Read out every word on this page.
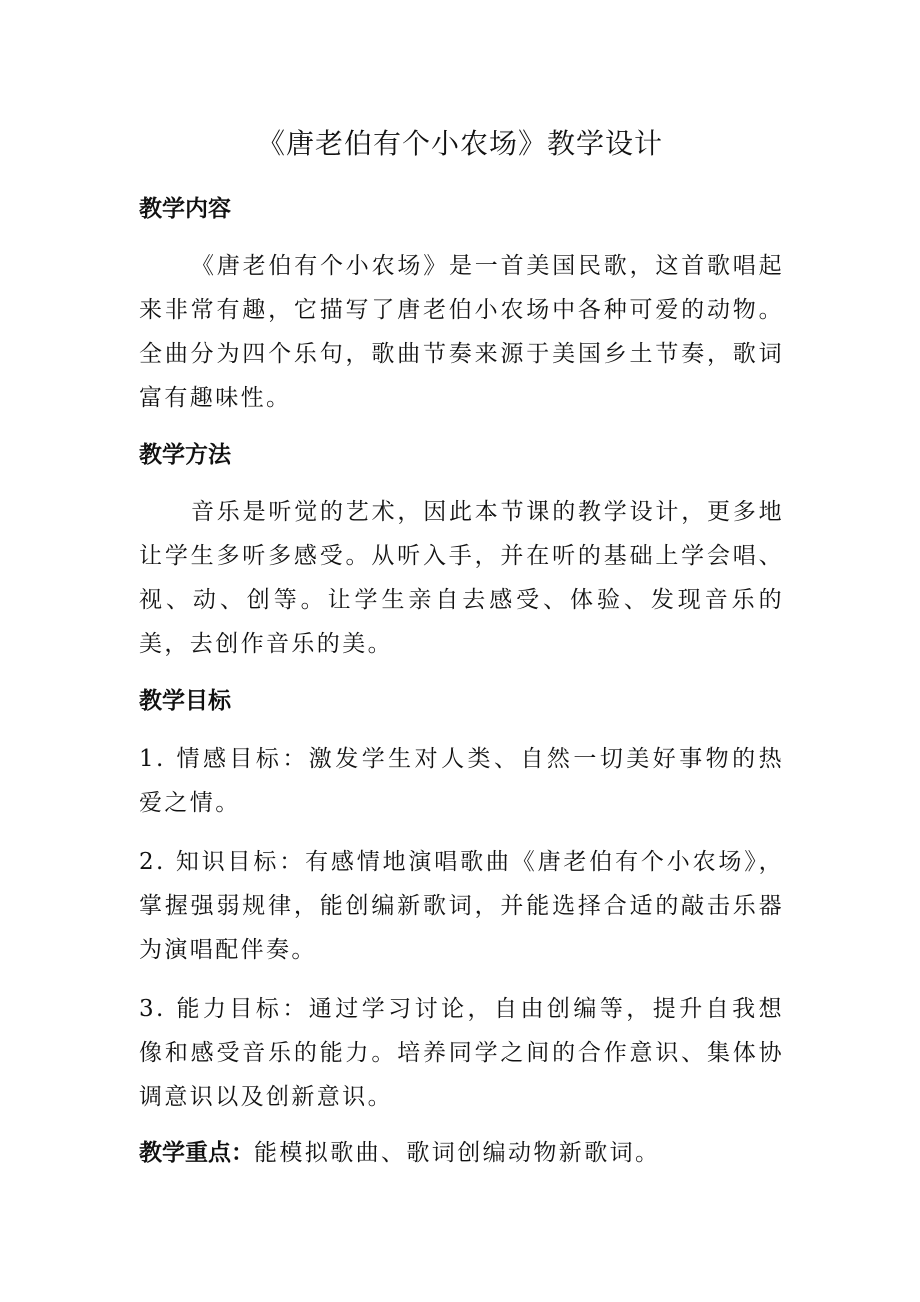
《唐老伯有个小农场》教学设计
教学内容

《唐老伯有个小农场》是一首美国民歌，这首歌唱起来非常有趣，它描写了唐老伯小农场中各种可爱的动物。全曲分为四个乐句，歌曲节奏来源于美国乡土节奏，歌词富有趣味性。

教学方法

音乐是听觉的艺术，因此本节课的教学设计，更多地让学生多听多感受。从听入手，并在听的基础上学会唱、视、动、创等。让学生亲自去感受、体验、发现音乐的美，去创作音乐的美。

教学目标

1. 情感目标：激发学生对人类、自然一切美好事物的热爱之情。

2. 知识目标：有感情地演唱歌曲《唐老伯有个小农场》，掌握强弱规律，能创编新歌词，并能选择合适的敲击乐器为演唱配伴奏。

3. 能力目标：通过学习讨论，自由创编等，提升自我想像和感受音乐的能力。培养同学之间的合作意识、集体协调意识以及创新意识。

教学重点：能模拟歌曲、歌词创编动物新歌词。
